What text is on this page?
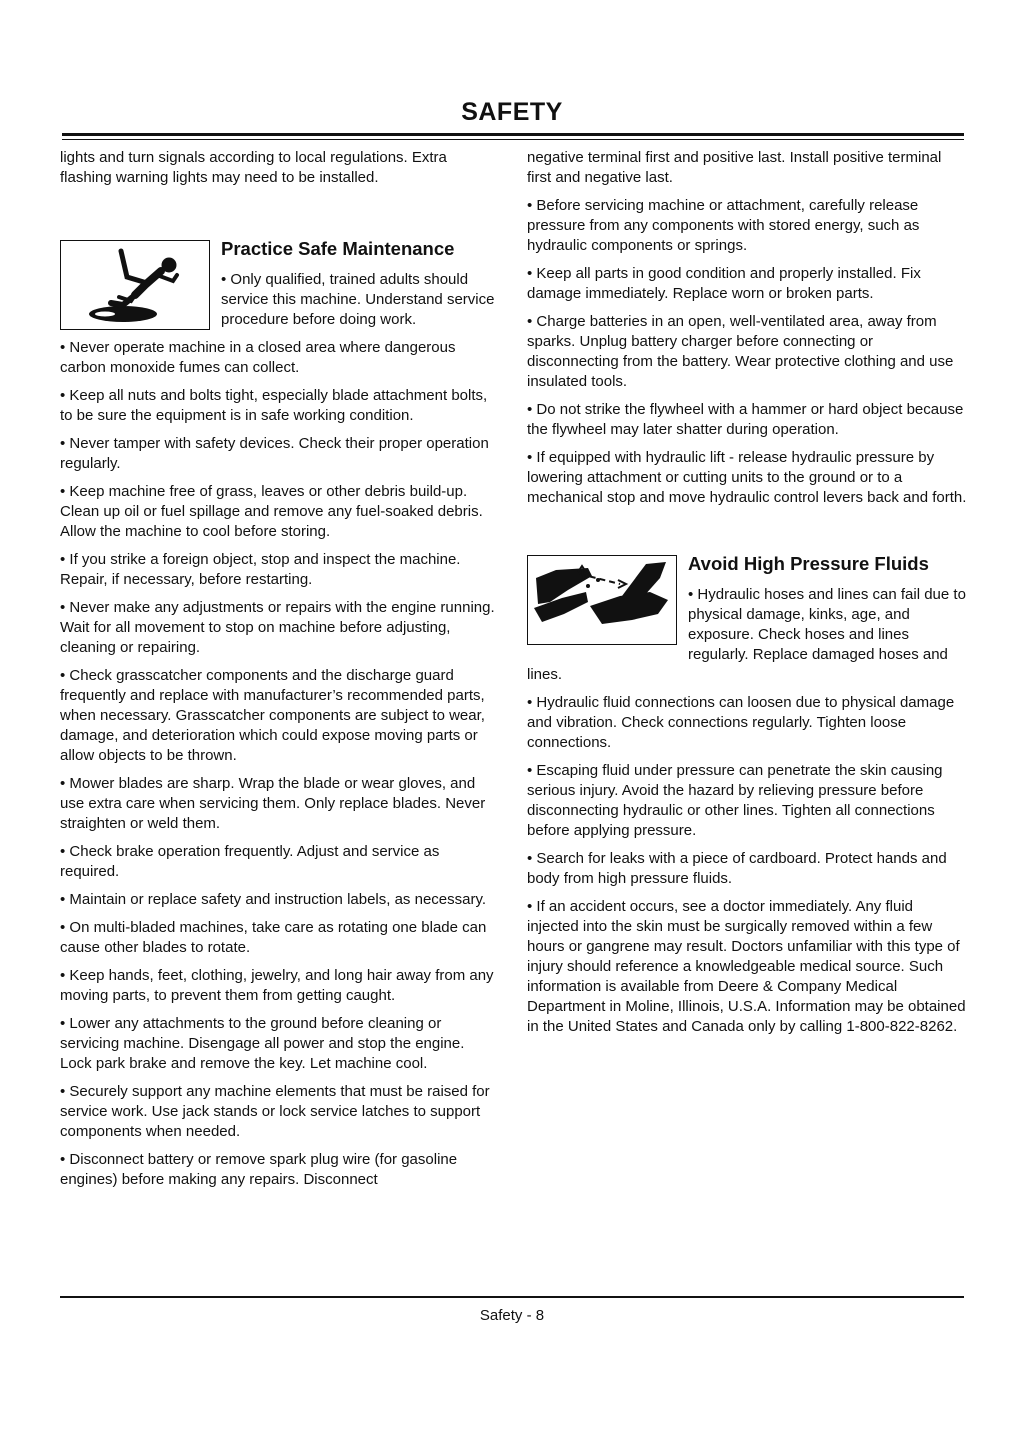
SAFETY

lights and turn signals according to local regulations. Extra flashing warning lights may need to be installed.

Practice Safe Maintenance

• Only qualified, trained adults should service this machine. Understand service procedure before doing work.

• Never operate machine in a closed area where dangerous carbon monoxide fumes can collect.

• Keep all nuts and bolts tight, especially blade attachment bolts, to be sure the equipment is in safe working condition.

• Never tamper with safety devices. Check their proper operation regularly.

• Keep machine free of grass, leaves or other debris build-up. Clean up oil or fuel spillage and remove any fuel-soaked debris. Allow the machine to cool before storing.

• If you strike a foreign object, stop and inspect the machine. Repair, if necessary, before restarting.

• Never make any adjustments or repairs with the engine running. Wait for all movement to stop on machine before adjusting, cleaning or repairing.

• Check grasscatcher components and the discharge guard frequently and replace with manufacturer’s recommended parts, when necessary. Grasscatcher components are subject to wear, damage, and deterioration which could expose moving parts or allow objects to be thrown.

• Mower blades are sharp. Wrap the blade or wear gloves, and use extra care when servicing them. Only replace blades. Never straighten or weld them.

• Check brake operation frequently. Adjust and service as required.

• Maintain or replace safety and instruction labels, as necessary.

• On multi-bladed machines, take care as rotating one blade can cause other blades to rotate.

• Keep hands, feet, clothing, jewelry, and long hair away from any moving parts, to prevent them from getting caught.

• Lower any attachments to the ground before cleaning or servicing machine. Disengage all power and stop the engine. Lock park brake and remove the key. Let machine cool.

• Securely support any machine elements that must be raised for service work. Use jack stands or lock service latches to support components when needed.

• Disconnect battery or remove spark plug wire (for gasoline engines) before making any repairs. Disconnect

negative terminal first and positive last. Install positive terminal first and negative last.

• Before servicing machine or attachment, carefully release pressure from any components with stored energy, such as hydraulic components or springs.

• Keep all parts in good condition and properly installed. Fix damage immediately. Replace worn or broken parts.

• Charge batteries in an open, well-ventilated area, away from sparks. Unplug battery charger before connecting or disconnecting from the battery. Wear protective clothing and use insulated tools.

• Do not strike the flywheel with a hammer or hard object because the flywheel may later shatter during operation.

• If equipped with hydraulic lift - release hydraulic pressure by lowering attachment or cutting units to the ground or to a mechanical stop and move hydraulic control levers back and forth.

Avoid High Pressure Fluids

• Hydraulic hoses and lines can fail due to physical damage, kinks, age, and exposure. Check hoses and lines regularly. Replace damaged hoses and lines.

• Hydraulic fluid connections can loosen due to physical damage and vibration. Check connections regularly. Tighten loose connections.

• Escaping fluid under pressure can penetrate the skin causing serious injury. Avoid the hazard by relieving pressure before disconnecting hydraulic or other lines. Tighten all connections before applying pressure.

• Search for leaks with a piece of cardboard. Protect hands and body from high pressure fluids.

• If an accident occurs, see a doctor immediately. Any fluid injected into the skin must be surgically removed within a few hours or gangrene may result. Doctors unfamiliar with this type of injury should reference a knowledgeable medical source. Such information is available from Deere & Company Medical Department in Moline, Illinois, U.S.A. Information may be obtained in the United States and Canada only by calling 1-800-822-8262.

Safety - 8
